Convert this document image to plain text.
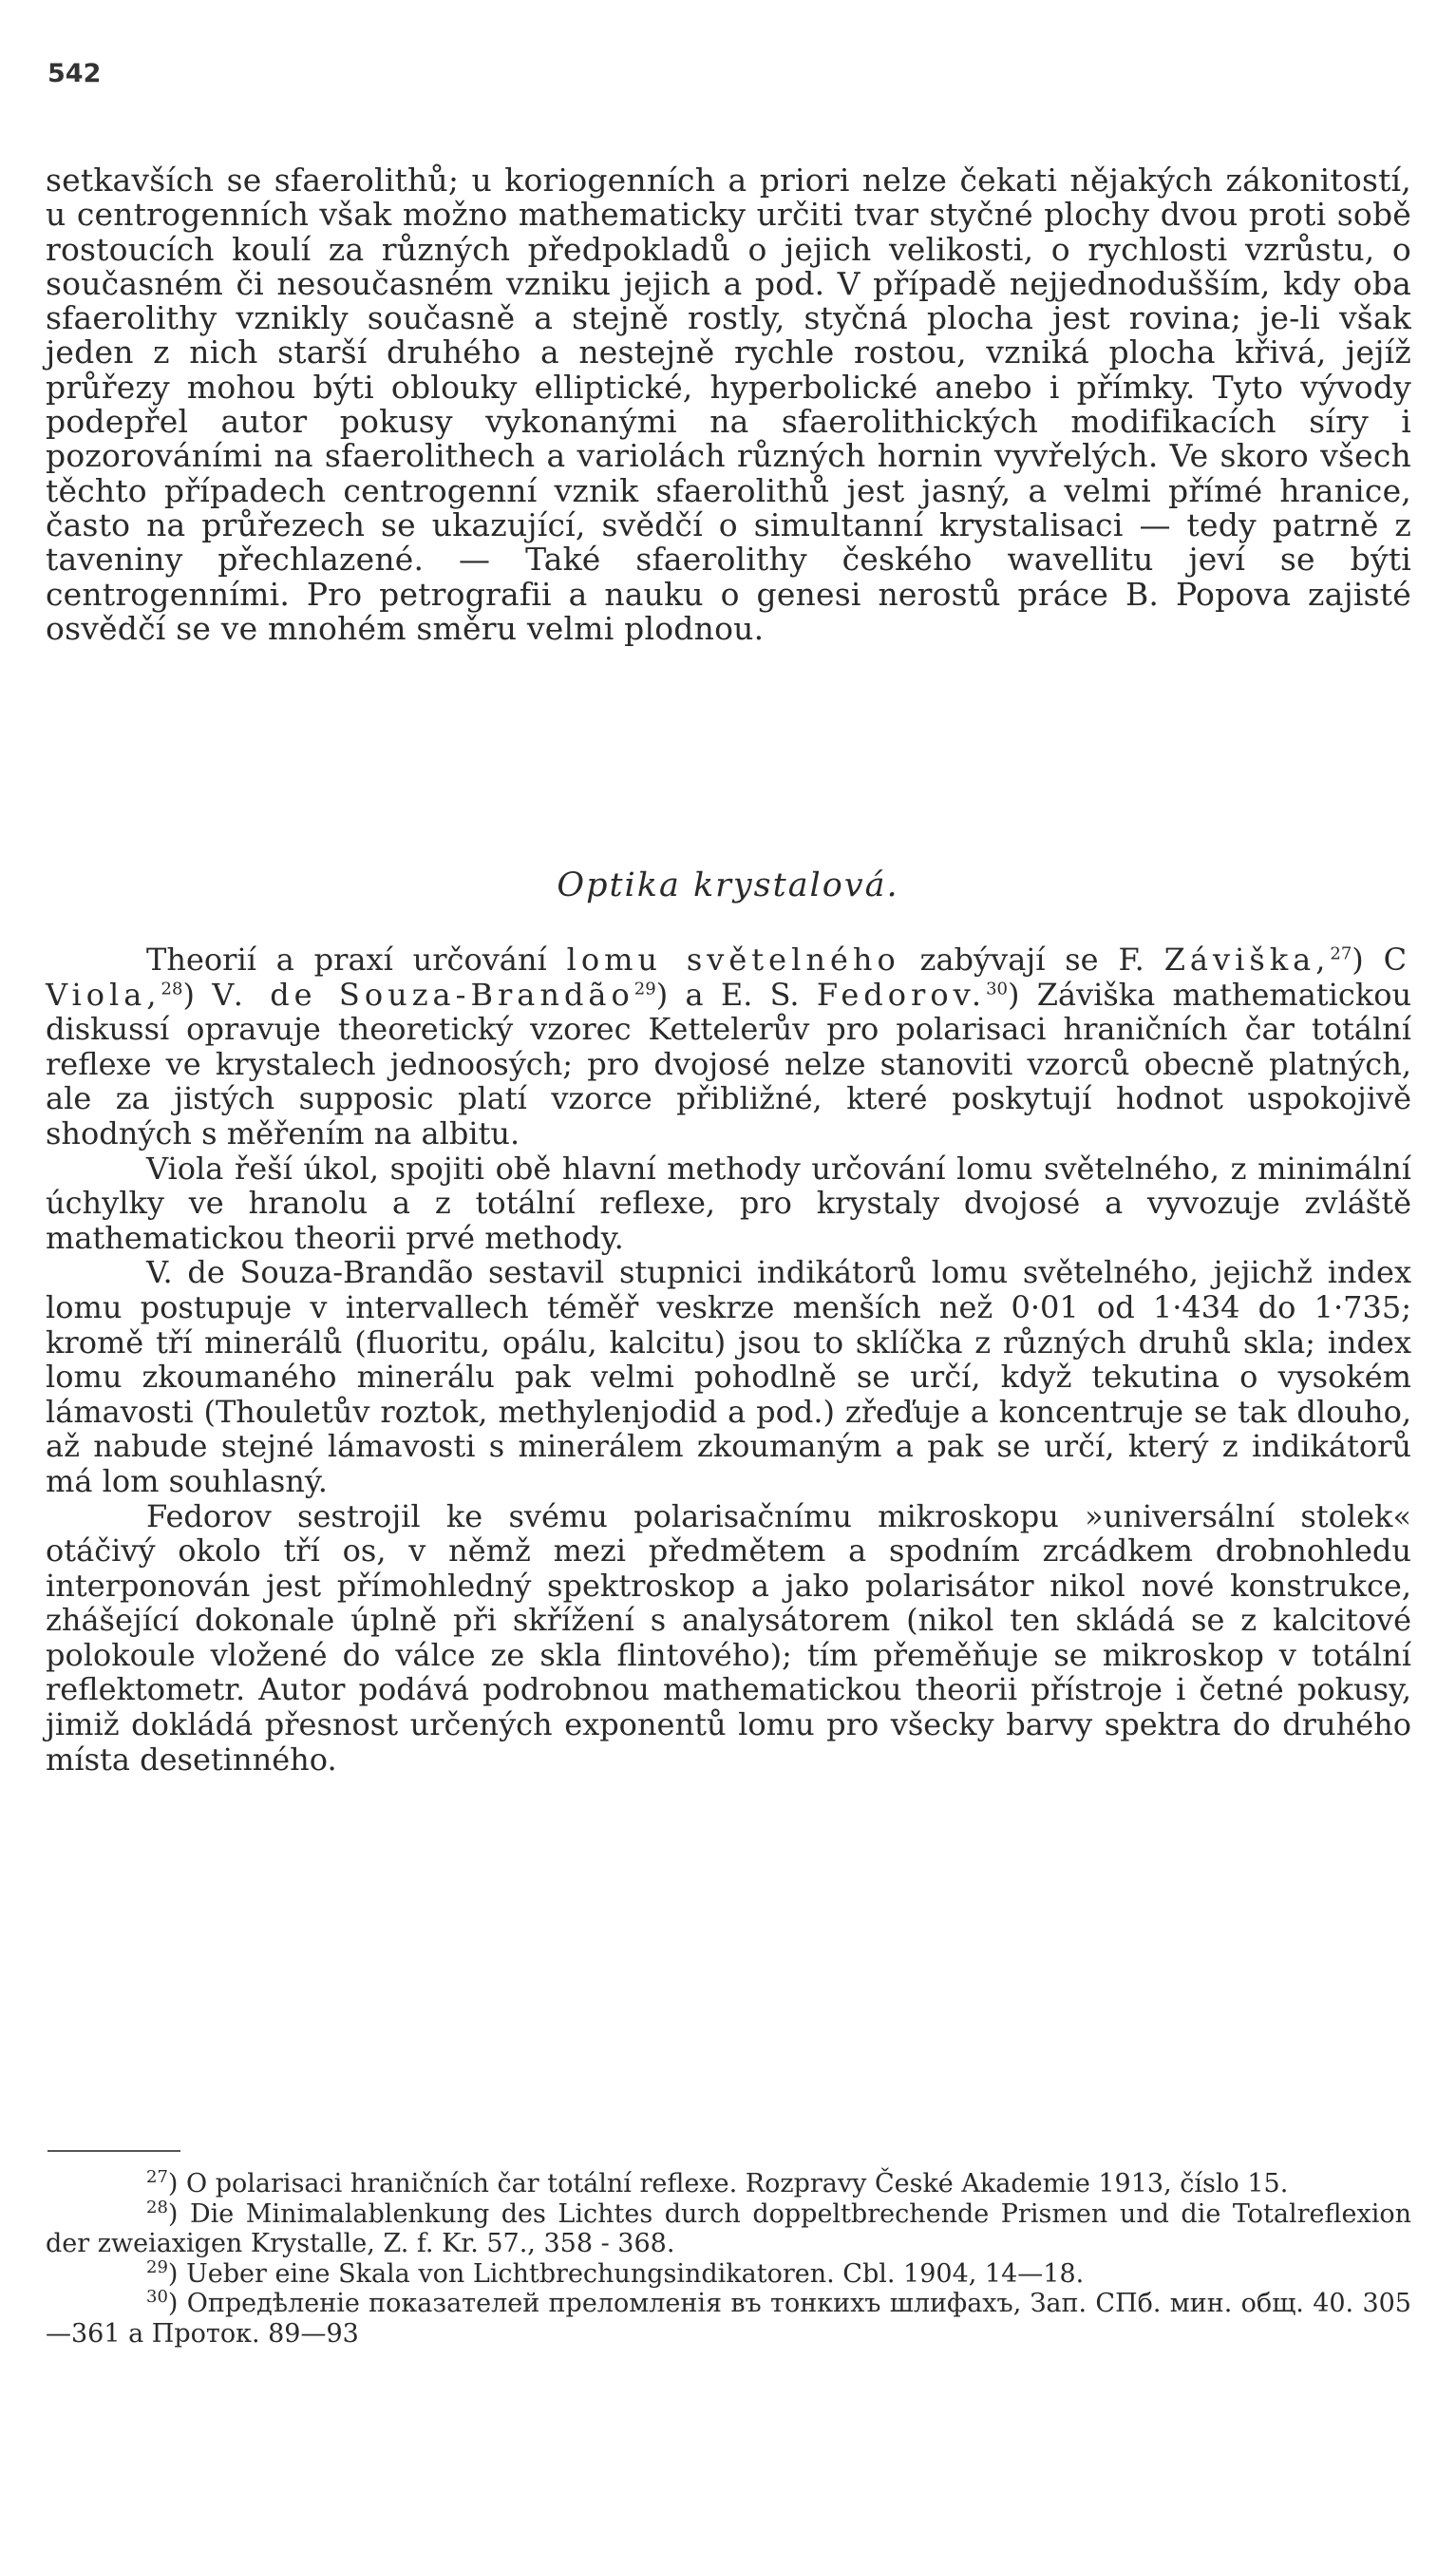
542
setkavších se sfaerolithů; u koriogenních a priori nelze čekati nějakých zákonitostí, u centrogenních však možno mathematicky určiti tvar styčné plochy dvou proti sobě rostoucích koulí za různých předpokladů o jejich velikosti, o rychlosti vzrůstu, o současném či nesoučasném vzniku jejich a pod. V případě nejjednodušším, kdy oba sfaerolithy vznikly současně a stejně rostly, styčná plocha jest rovina; je-li však jeden z nich starší druhého a nestejně rychle rostou, vzniká plocha křivá, jejíž průřezy mohou býti oblouky elliptické, hyperbolické anebo i přímky. Tyto vývody podepřel autor pokusy vykonanými na sfaerolithických modifikacích síry i pozorováními na sfaerolithech a variolách různých hornin vyvřelých. Ve skoro všech těchto případech centrogenní vznik sfaerolithů jest jasný, a velmi přímé hranice, často na průřezech se ukazující, svědčí o simultanní krystalisaci — tedy patrně z taveniny přechlazené. — Také sfaerolithy českého wavellitu jeví se býti centrogenními. Pro petrografii a nauku o genesi nerostů práce B. Popova zajisté osvědčí se ve mnohém směru velmi plodnou.
Optika krystalová.

Theorií a praxí určování lomu světelného zabývají se F. Záviška,$^{27}$) C Viola,$^{28}$) V. de Souza-Brandão$^{29}$) a E. S. Fedorov.$^{30}$) Záviška mathematickou diskussí opravuje theoretický vzorec Kettelerův pro polarisaci hraničních čar totální reflexe ve krystalech jednoosých; pro dvojosé nelze stanoviti vzorců obecně platných, ale za jistých supposic platí vzorce přibližné, které poskytují hodnot uspokojivě shodných s měřením na albitu.

Viola řeší úkol, spojiti obě hlavní methody určování lomu světelného, z minimální úchylky ve hranolu a z totální reflexe, pro krystaly dvojosé a vyvozuje zvláště mathematickou theorii prvé methody.

V. de Souza-Brandão sestavil stupnici indikátorů lomu světelného, jejichž index lomu postupuje v intervallech téměř veskrze menších než 0·01 od 1·434 do 1·735; kromě tří minerálů (fluoritu, opálu, kalcitu) jsou to sklíčka z různých druhů skla; index lomu zkoumaného minerálu pak velmi pohodlně se určí, když tekutina o vysokém lámavosti (Thouletův roztok, methylenjodid a pod.) zřeďuje a koncentruje se tak dlouho, až nabude stejné lámavosti s minerálem zkoumaným a pak se určí, který z indikátorů má lom souhlasný.

Fedorov sestrojil ke svému polarisačnímu mikroskopu »universální stolek« otáčivý okolo tří os, v němž mezi předmětem a spodním zrcádkem drobnohledu interponován jest přímohledný spektroskop a jako polarisátor nikol nové konstrukce, zhášející dokonale úplně při skřížení s analysátorem (nikol ten skládá se z kalcitové polokoule vložené do válce ze skla flintového); tím přeměňuje se mikroskop v totální reflektometr. Autor podává podrobnou mathematickou theorii přístroje i četné pokusy, jimiž dokládá přesnost určených exponentů lomu pro všecky barvy spektra do druhého místa desetinného.

$^{27}$) O polarisaci hraničních čar totální reflexe. Rozpravy České Akademie 1913, číslo 15.

$^{28}$) Die Minimalablenkung des Lichtes durch doppeltbrechende Prismen und die Totalreflexion der zweiaxigen Krystalle, Z. f. Kr. 57., 358 - 368.

$^{29}$) Ueber eine Skala von Lichtbrechungsindikatoren. Cbl. 1904, 14—18.

$^{30}$) Опредѣленіе показателей преломленія въ тонкихъ шлифахъ, Зап. СПб. мин. общ. 40. 305—361 a Протоκ. 89—93
